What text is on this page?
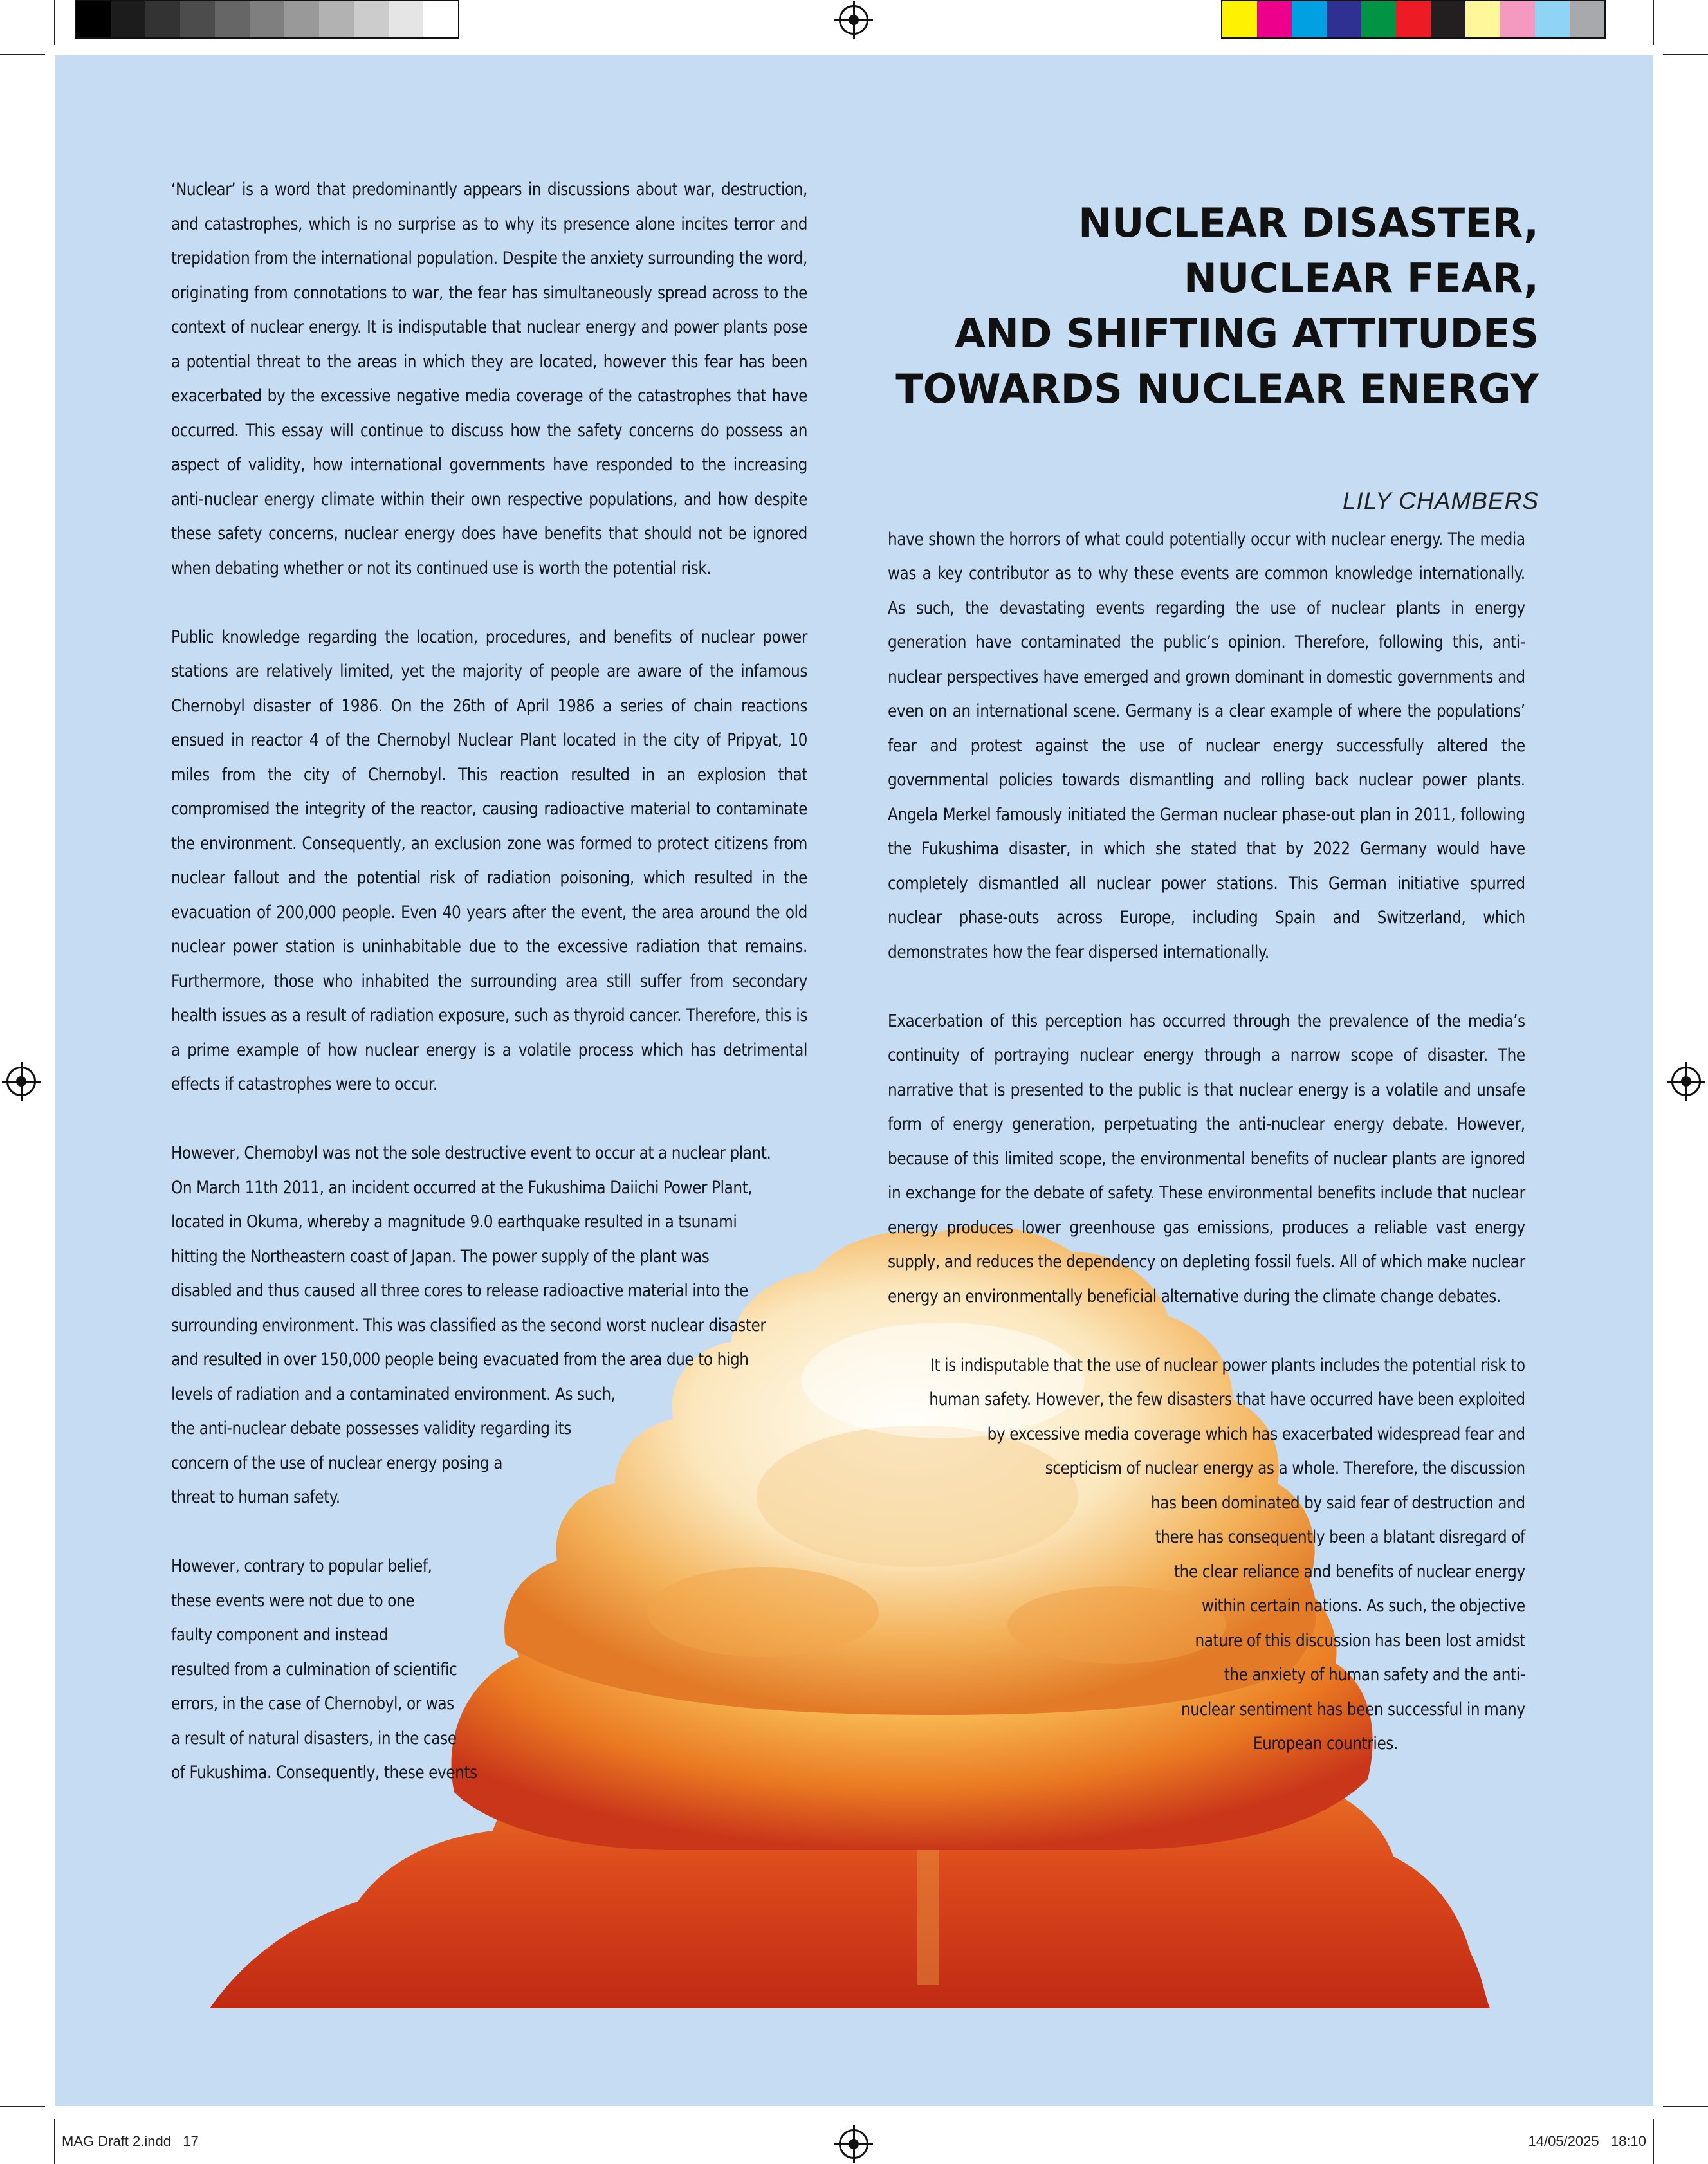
NUCLEAR DISASTER,
NUCLEAR FEAR,
AND SHIFTING ATTITUDES
TOWARDS NUCLEAR ENERGY
LILY CHAMBERS

‘Nuclear’ is a word that predominantly appears in discussions about war, destruction, and catastrophes, which is no surprise as to why its presence alone incites terror and trepidation from the international population. Despite the anxiety surrounding the word, originating from connotations to war, the fear has simultaneously spread across to the context of nuclear energy. It is indisputable that nuclear energy and power plants pose a potential threat to the areas in which they are located, however this fear has been exacerbated by the excessive negative media coverage of the catastrophes that have occurred. This essay will continue to discuss how the safety concerns do possess an aspect of validity, how international governments have responded to the increasing anti-nuclear energy climate within their own respective populations, and how despite these safety concerns, nuclear energy does have benefits that should not be ignored when debating whether or not its continued use is worth the potential risk.

Public knowledge regarding the location, procedures, and benefits of nuclear power stations are relatively limited, yet the majority of people are aware of the infamous Chernobyl disaster of 1986. On the 26th of April 1986 a series of chain reactions ensued in reactor 4 of the Chernobyl Nuclear Plant located in the city of Pripyat, 10 miles from the city of Chernobyl. This reaction resulted in an explosion that compromised the integrity of the reactor, causing radioactive material to contaminate the environment. Consequently, an exclusion zone was formed to protect citizens from nuclear fallout and the potential risk of radiation poisoning, which resulted in the evacuation of 200,000 people. Even 40 years after the event, the area around the old nuclear power station is uninhabitable due to the excessive radiation that remains. Furthermore, those who inhabited the surrounding area still suffer from secondary health issues as a result of radiation exposure, such as thyroid cancer. Therefore, this is a prime example of how nuclear energy is a volatile process which has detrimental effects if catastrophes were to occur.

However, Chernobyl was not the sole destructive event to occur at a nuclear plant.
On March 11th 2011, an incident occurred at the Fukushima Daiichi Power Plant,
located in Okuma, whereby a magnitude 9.0 earthquake resulted in a tsunami
hitting the Northeastern coast of Japan. The power supply of the plant was
disabled and thus caused all three cores to release radioactive material into the
surrounding environment. This was classified as the second worst nuclear disaster
and resulted in over 150,000 people being evacuated from the area due to high
levels of radiation and a contaminated environment. As such,
the anti-nuclear debate possesses validity regarding its
concern of the use of nuclear energy posing a
threat to human safety.
However, contrary to popular belief,
these events were not due to one
faulty component and instead
resulted from a culmination of scientific
errors, in the case of Chernobyl, or was
a result of natural disasters, in the case
of Fukushima. Consequently, these events

have shown the horrors of what could potentially occur with nuclear energy. The media was a key contributor as to why these events are common knowledge internationally. As such, the devastating events regarding the use of nuclear plants in energy generation have contaminated the public’s opinion. Therefore, following this, anti-nuclear perspectives have emerged and grown dominant in domestic governments and even on an international scene. Germany is a clear example of where the populations’ fear and protest against the use of nuclear energy successfully altered the governmental policies towards dismantling and rolling back nuclear power plants. Angela Merkel famously initiated the German nuclear phase-out plan in 2011, following the Fukushima disaster, in which she stated that by 2022 Germany would have completely dismantled all nuclear power stations. This German initiative spurred nuclear phase-outs across Europe, including Spain and Switzerland, which demonstrates how the fear dispersed internationally.

Exacerbation of this perception has occurred through the prevalence of the media’s continuity of portraying nuclear energy through a narrow scope of disaster. The narrative that is presented to the public is that nuclear energy is a volatile and unsafe form of energy generation, perpetuating the anti-nuclear energy debate. However, because of this limited scope, the environmental benefits of nuclear plants are ignored in exchange for the debate of safety. These environmental benefits include that nuclear energy produces lower greenhouse gas emissions, produces a reliable vast energy supply, and reduces the dependency on depleting fossil fuels. All of which make nuclear energy an environmentally beneficial alternative during the climate change debates.

It is indisputable that the use of nuclear power plants includes the potential risk to
human safety. However, the few disasters that have occurred have been exploited
by excessive media coverage which has exacerbated widespread fear and
scepticism of nuclear energy as a whole. Therefore, the discussion
has been dominated by said fear of destruction and
there has consequently been a blatant disregard of
the clear reliance and benefits of nuclear energy
within certain nations. As such, the objective
nature of this discussion has been lost amidst
the anxiety of human safety and the anti-
nuclear sentiment has been successful in many
European countries.
MAG Draft 2.indd   17	14/05/2025   18:10
